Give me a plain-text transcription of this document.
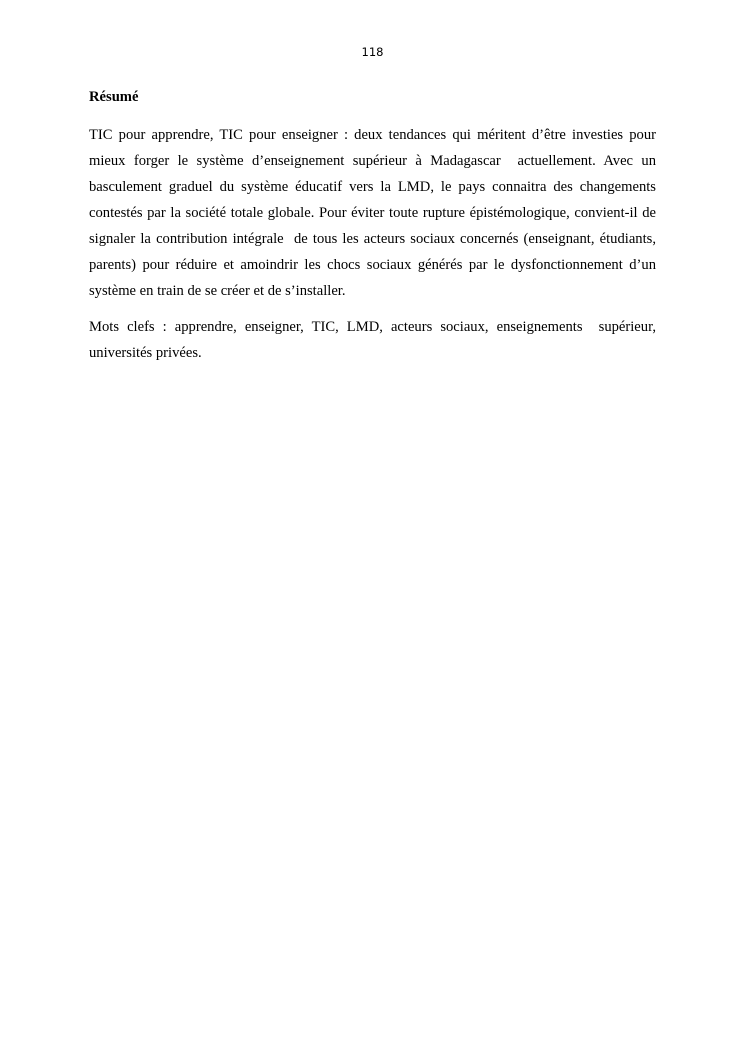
118
Résumé

TIC pour apprendre, TIC pour enseigner : deux tendances qui méritent d’être investies pour mieux forger le système d’enseignement supérieur à Madagascar  actuellement. Avec un basculement graduel du système éducatif vers la LMD, le pays connaitra des changements contestés par la société totale globale. Pour éviter toute rupture épistémologique, convient-il de signaler la contribution intégrale  de tous les acteurs sociaux concernés (enseignant, étudiants, parents) pour réduire et amoindrir les chocs sociaux générés par le dysfonctionnement d’un système en train de se créer et de s’installer.

Mots clefs : apprendre, enseigner, TIC, LMD, acteurs sociaux, enseignements  supérieur, universités privées.
